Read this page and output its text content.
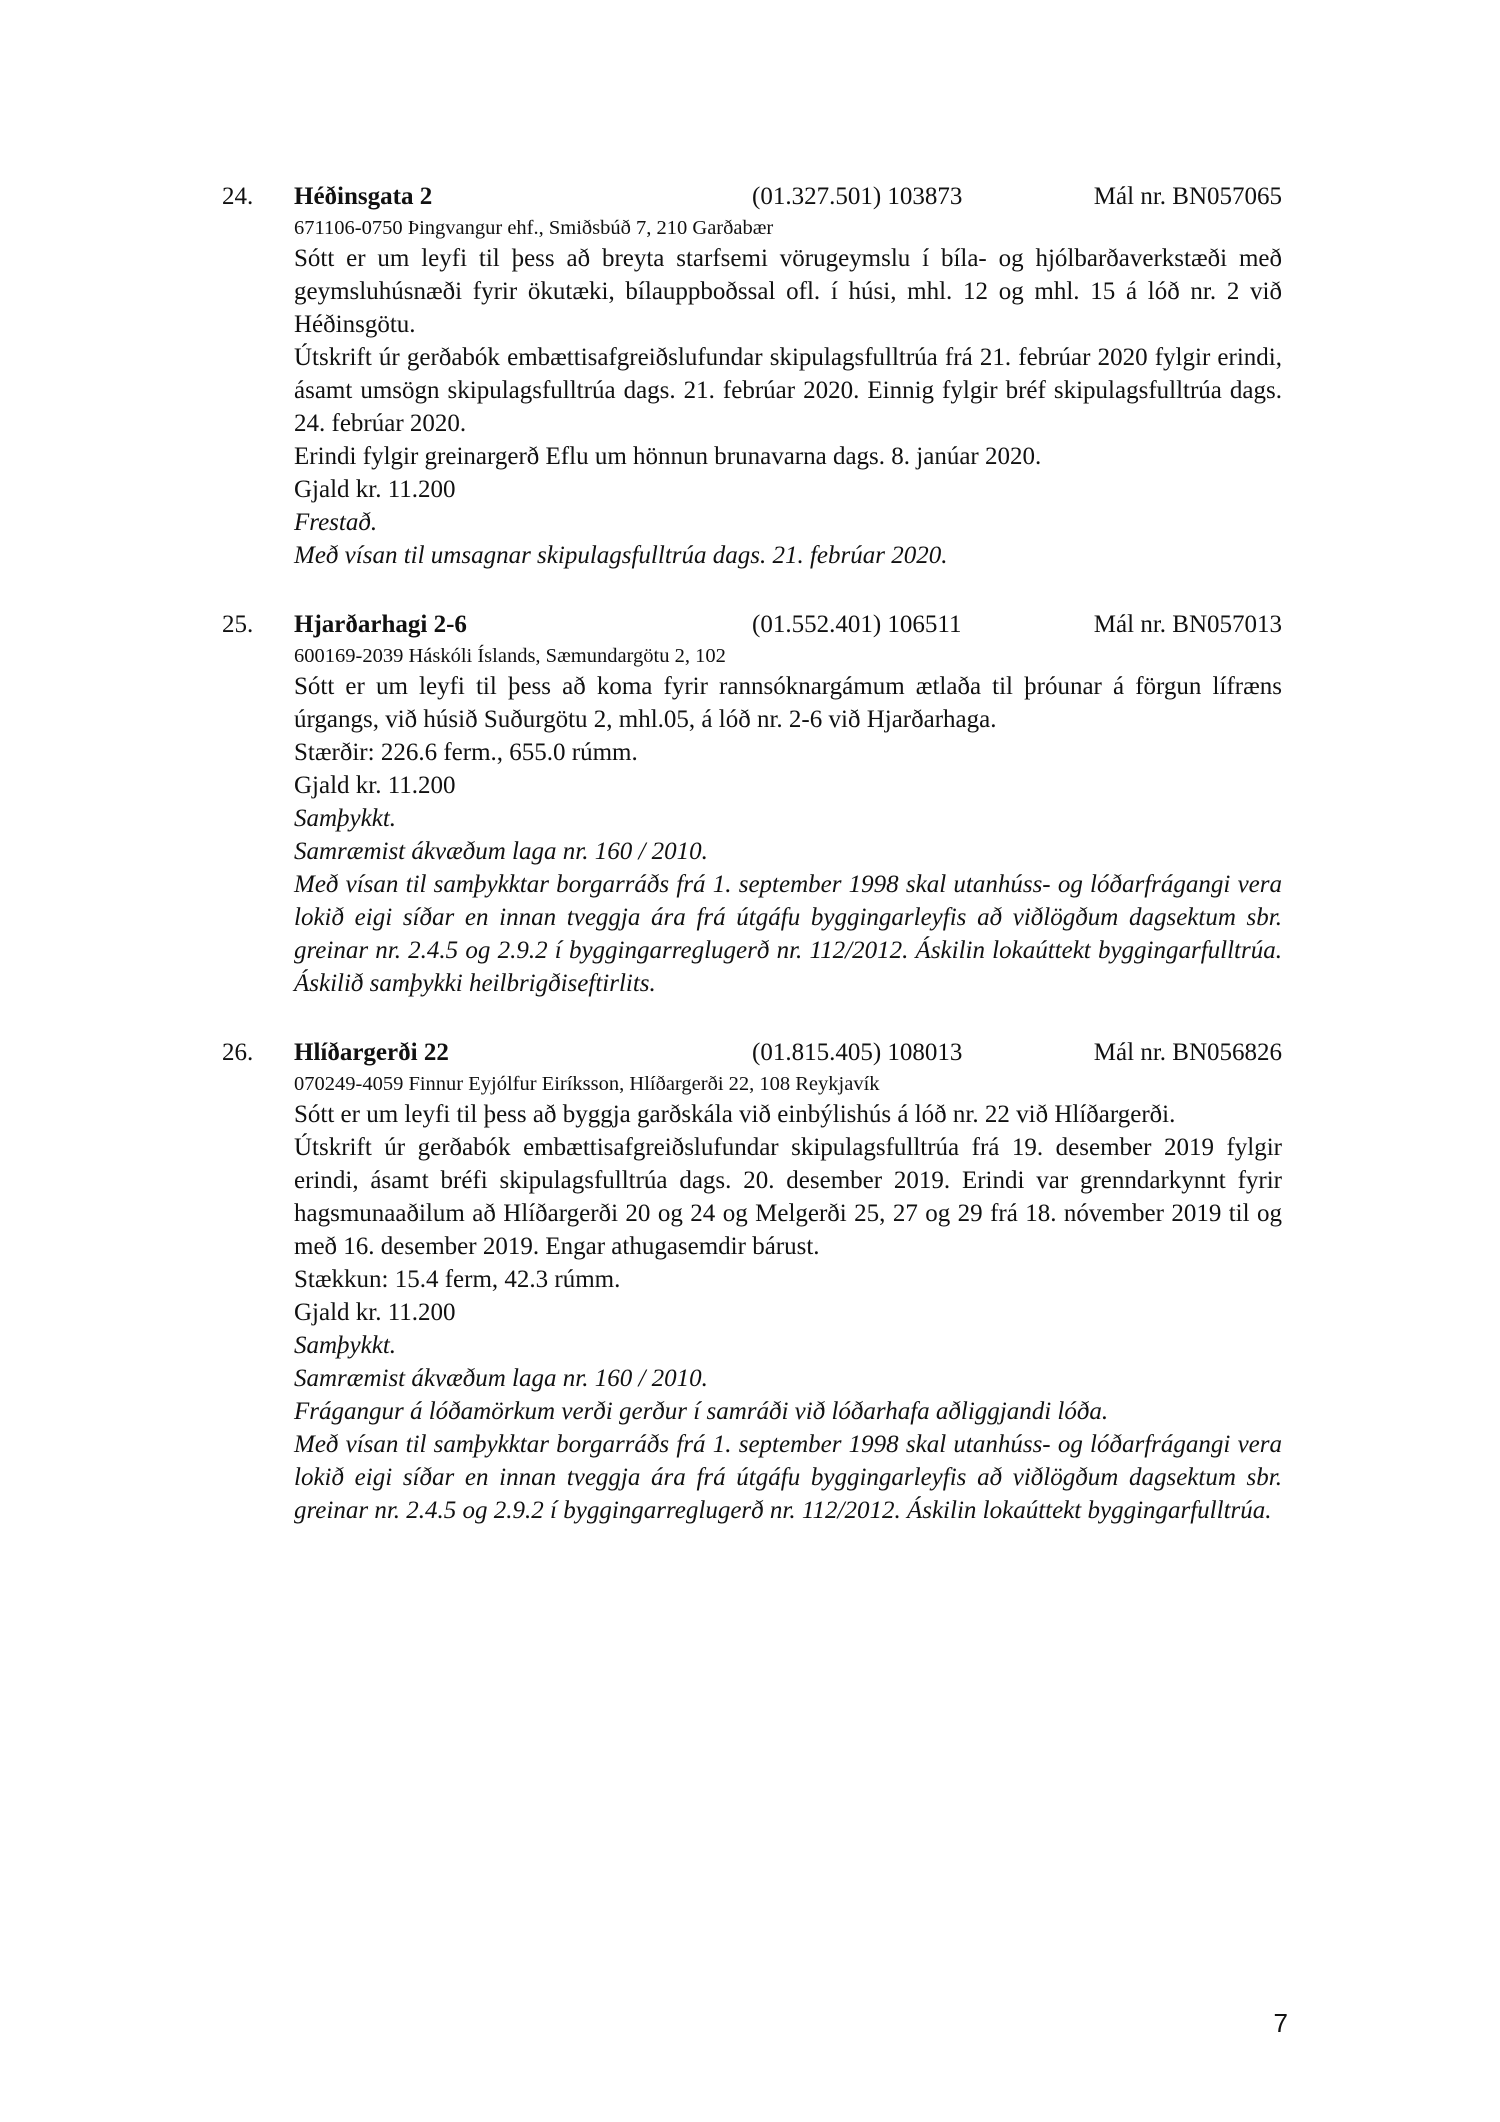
24. Héðinsgata 2	(01.327.501) 103873	Mál nr. BN057065
671106-0750 Þingvangur ehf., Smiðsbúð 7, 210 Garðabær
Sótt er um leyfi til þess að breyta starfsemi vörugeymslu í bíla- og hjólbarðaverkstæði með geymsluhúsnæði fyrir ökutæki, bílauppboðssal ofl. í húsi, mhl. 12 og mhl. 15 á lóð nr. 2 við Héðinsgötu.
Útskrift úr gerðabók embættisafgreiðslufundar skipulagsfulltrúa frá 21. febrúar 2020 fylgir erindi, ásamt umsögn skipulagsfulltrúa dags. 21. febrúar 2020. Einnig fylgir bréf skipulagsfulltrúa dags. 24. febrúar 2020.
Erindi fylgir greinargerð Eflu um hönnun brunavarna dags. 8. janúar 2020.
Gjald kr. 11.200
Frestað.
Með vísan til umsagnar skipulagsfulltrúa dags. 21. febrúar 2020.
25. Hjarðarhagi 2-6	(01.552.401) 106511	Mál nr. BN057013
600169-2039 Háskóli Íslands, Sæmundargötu 2, 102
Sótt er um leyfi til þess að koma fyrir rannsóknargámum ætlaða til þróunar á förgun lífræns úrgangs, við húsið Suðurgötu 2, mhl.05, á lóð nr. 2-6 við Hjarðarhaga.
Stærðir: 226.6 ferm., 655.0 rúmm.
Gjald kr. 11.200
Samþykkt.
Samræmist ákvæðum laga nr. 160 / 2010.
Með vísan til samþykktar borgarráðs frá 1. september 1998 skal utanhúss- og lóðarfrágangi vera lokið eigi síðar en innan tveggja ára frá útgáfu byggingarleyfis að viðlögðum dagsektum sbr. greinar nr. 2.4.5 og 2.9.2 í byggingarreglugerð nr. 112/2012. Áskilin lokaúttekt byggingarfulltrúa. Áskilið samþykki heilbrigðiseftirlits.
26. Hlíðargerði 22	(01.815.405) 108013	Mál nr. BN056826
070249-4059 Finnur Eyjólfur Eiríksson, Hlíðargerði 22, 108 Reykjavík
Sótt er um leyfi til þess að byggja garðskála við einbýlishús á lóð nr. 22 við Hlíðargerði.
Útskrift úr gerðabók embættisafgreiðslufundar skipulagsfulltrúa frá 19. desember 2019 fylgir erindi, ásamt bréfi skipulagsfulltrúa dags. 20. desember 2019. Erindi var grenndarkynnt fyrir hagsmunaaðilum að Hlíðargerði 20 og 24 og Melgerði 25, 27 og 29 frá 18. nóvember 2019 til og með 16. desember 2019. Engar athugasemdir bárust.
Stækkun: 15.4 ferm, 42.3 rúmm.
Gjald kr. 11.200
Samþykkt.
Samræmist ákvæðum laga nr. 160 / 2010.
Frágangur á lóðamörkum verði gerður í samráði við lóðarhafa aðliggjandi lóða.
Með vísan til samþykktar borgarráðs frá 1. september 1998 skal utanhúss- og lóðarfrágangi vera lokið eigi síðar en innan tveggja ára frá útgáfu byggingarleyfis að viðlögðum dagsektum sbr. greinar nr. 2.4.5 og 2.9.2 í byggingarreglugerð nr. 112/2012. Áskilin lokaúttekt byggingarfulltrúa.
7
